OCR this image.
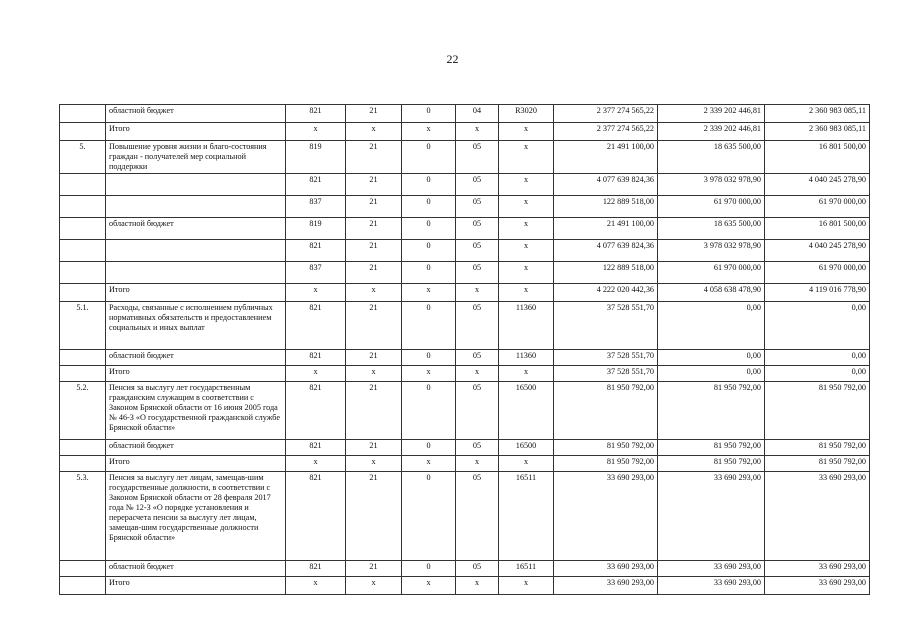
22
	областной бюджет	821	21	0	04	R3020	2 377 274 565,22	2 339 202 446,81	2 360 983 085,11
	Итого	х	х	х	х	х	2 377 274 565,22	2 339 202 446,81	2 360 983 085,11
5.	Повышение уровня жизни и благо-состояния граждан - получателей мер социальной поддержки	819	21	0	05	х	21 491 100,00	18 635 500,00	16 801 500,00
		821	21	0	05	х	4 077 639 824,36	3 978 032 978,90	4 040 245 278,90
		837	21	0	05	х	122 889 518,00	61 970 000,00	61 970 000,00
	областной бюджет	819	21	0	05	х	21 491 100,00	18 635 500,00	16 801 500,00
		821	21	0	05	х	4 077 639 824,36	3 978 032 978,90	4 040 245 278,90
		837	21	0	05	х	122 889 518,00	61 970 000,00	61 970 000,00
	Итого	х	х	х	х	х	4 222 020 442,36	4 058 638 478,90	4 119 016 778,90
5.1.	Расходы, связанные с исполнением публичных нормативных обязательств и предоставлением социальных и иных выплат	821	21	0	05	11360	37 528 551,70	0,00	0,00
	областной бюджет	821	21	0	05	11360	37 528 551,70	0,00	0,00
	Итого	х	х	х	х	х	37 528 551,70	0,00	0,00
5.2.	Пенсия за выслугу лет государственным гражданским служащим в соответствии с Законом Брянской области от 16 июня 2005 года № 46-З «О государственной гражданской службе Брянской области»	821	21	0	05	16500	81 950 792,00	81 950 792,00	81 950 792,00
	областной бюджет	821	21	0	05	16500	81 950 792,00	81 950 792,00	81 950 792,00
	Итого	х	х	х	х	х	81 950 792,00	81 950 792,00	81 950 792,00
5.3.	Пенсия за выслугу лет лицам, замещав-шим государственные должности, в соответствии с Законом Брянской области от 28 февраля 2017 года № 12-З «О порядке установления и перерасчета пенсии за выслугу лет лицам, замещав-шим государственные должности Брянской области»	821	21	0	05	16511	33 690 293,00	33 690 293,00	33 690 293,00
	областной бюджет	821	21	0	05	16511	33 690 293,00	33 690 293,00	33 690 293,00
	Итого	х	х	х	х	х	33 690 293,00	33 690 293,00	33 690 293,00
